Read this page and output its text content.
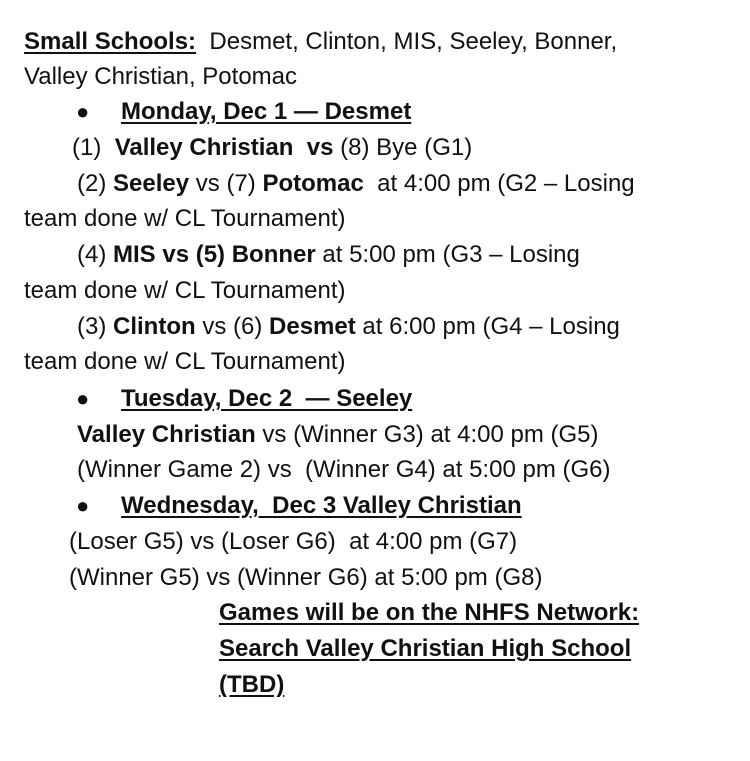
Small Schools: Desmet, Clinton, MIS, Seeley, Bonner,
Valley Christian, Potomac
● Monday, Dec 1 — Desmet
(1) Valley Christian vs (8) Bye (G1)
(2) Seeley vs (7) Potomac at 4:00 pm (G2 – Losing
team done w/ CL Tournament)
(4) MIS vs (5) Bonner at 5:00 pm (G3 – Losing
team done w/ CL Tournament)
(3) Clinton vs (6) Desmet at 6:00 pm (G4 – Losing
team done w/ CL Tournament)
● Tuesday, Dec 2  — Seeley
Valley Christian vs (Winner G3) at 4:00 pm (G5)
(Winner Game 2) vs  (Winner G4) at 5:00 pm (G6)
● Wednesday,  Dec 3 Valley Christian
(Loser G5) vs (Loser G6)  at 4:00 pm (G7)
(Winner G5) vs (Winner G6) at 5:00 pm (G8)
Games will be on the NHFS Network:
Search Valley Christian High School
(TBD)
